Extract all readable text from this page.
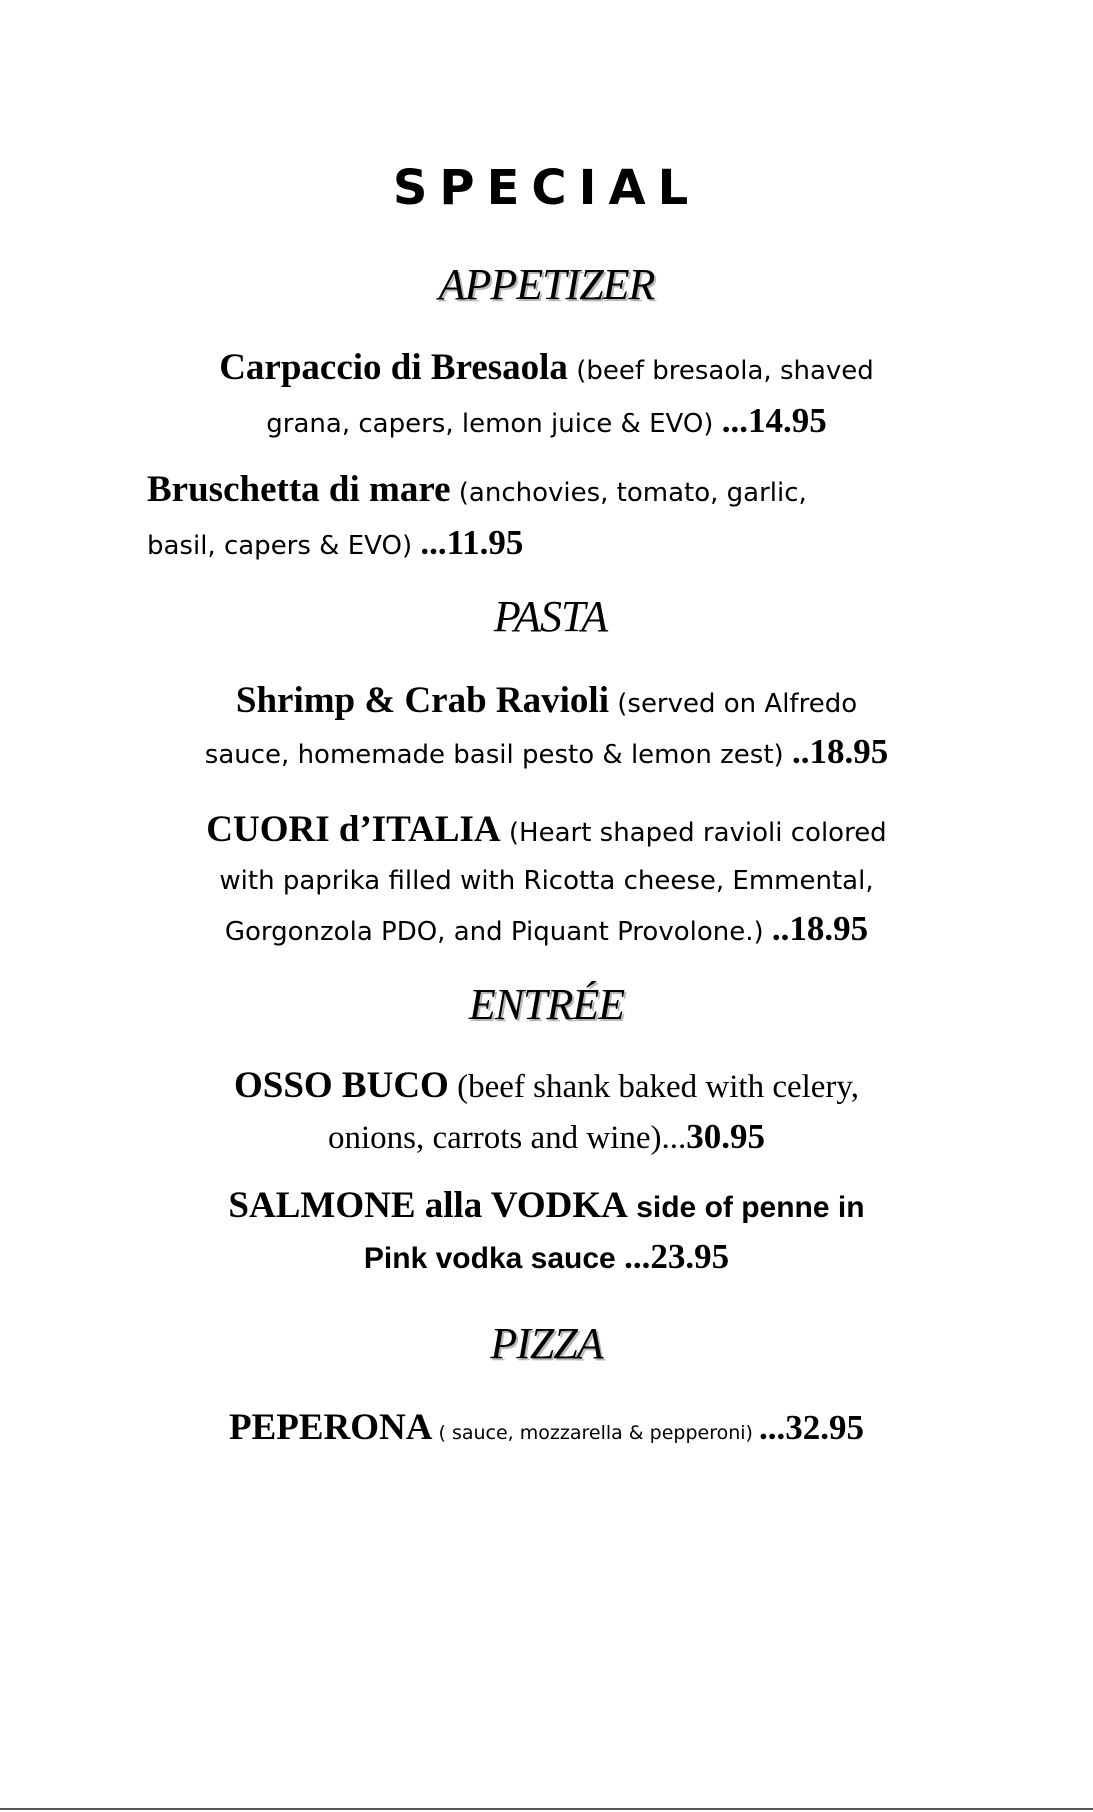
SPECIAL
APPETIZER
Carpaccio di Bresaola (beef bresaola, shaved
grana, capers, lemon juice & EVO) ...14.95
Bruschetta di mare (anchovies, tomato, garlic,
basil, capers & EVO) ...11.95
PASTA
Shrimp & Crab Ravioli (served on Alfredo
sauce, homemade basil pesto & lemon zest) ..18.95
CUORI d’ITALIA (Heart shaped ravioli colored
with paprika filled with Ricotta cheese, Emmental,
Gorgonzola PDO, and Piquant Provolone.) ..18.95
ENTRÉE
OSSO BUCO (beef shank baked with celery,
onions, carrots and wine)...30.95
SALMONE alla VODKA side of penne in
Pink vodka sauce ...23.95
PIZZA
PEPERONA ( sauce, mozzarella & pepperoni) ...32.95
